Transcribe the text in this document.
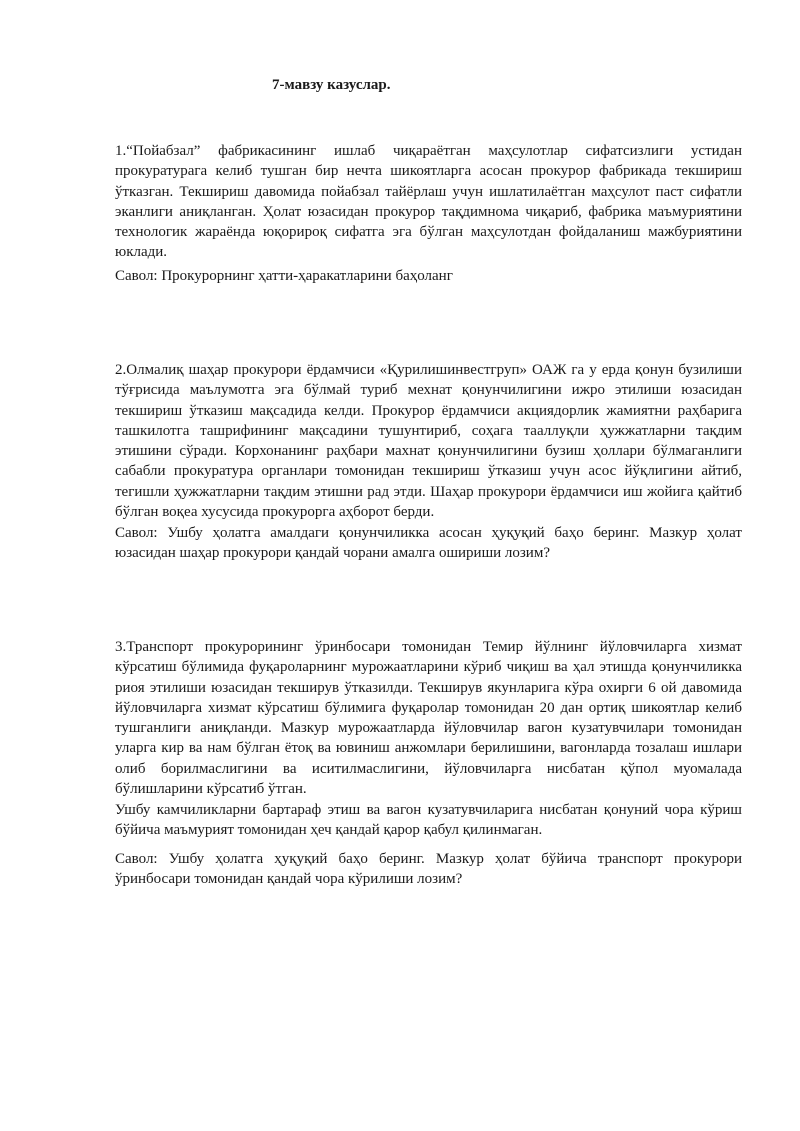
7-мавзу казуслар.

1.“Пойабзал” фабрикасининг ишлаб чиқараётган маҳсулотлар сифатсизлиги устидан прокуратурага келиб тушган бир нечта шикоятларга асосан прокурор фабрикада текшириш ўтказган. Текшириш давомида пойабзал тайёрлаш учун ишлатилаётган маҳсулот паст сифатли эканлиги аниқланган. Ҳолат юзасидан прокурор тақдимнома чиқариб, фабрика маъмуриятини технологик жараёнда юқорироқ сифатга эга бўлган маҳсулотдан фойдаланиш мажбуриятини юклади.

Савол: Прокурорнинг ҳатти-ҳаракатларини баҳоланг

2.Олмалиқ шаҳар прокурори ёрдамчиси «Қурилишинвестгруп» ОАЖ га у ерда қонун бузилиши тўғрисида маълумотга эга бўлмай туриб мехнат қонунчилигини ижро этилиши юзасидан текшириш ўтказиш мақсадида келди. Прокурор ёрдамчиси акциядорлик жамиятни раҳбарига ташкилотга ташрифининг мақсадини тушунтириб, соҳага тааллуқли ҳужжатларни тақдим этишини сўради. Корхонанинг раҳбари махнат қонунчилигини бузиш ҳоллари бўлмаганлиги сабабли прокуратура органлари томонидан текшириш ўтказиш учун асос йўқлигини айтиб, тегишли ҳужжатларни тақдим этишни рад этди. Шаҳар прокурори ёрдамчиси иш жойига қайтиб бўлган воқеа хусусида прокурорга аҳборот берди.

Савол: Ушбу ҳолатга амалдаги қонунчиликка асосан ҳуқуқий баҳо беринг. Мазкур ҳолат юзасидан шаҳар прокурори қандай чорани амалга ошириши лозим?

3.Транспорт прокурорининг ўринбосари томонидан Темир йўлнинг йўловчиларга хизмат кўрсатиш бўлимида фуқароларнинг мурожаатларини кўриб чиқиш ва ҳал этишда қонунчиликка риоя этилиши юзасидан текширув ўтказилди. Текширув якунларига кўра охирги 6 ой давомида йўловчиларга хизмат кўрсатиш бўлимига фуқаролар томонидан 20 дан ортиқ шикоятлар келиб тушганлиги аниқланди. Мазкур мурожаатларда йўловчилар вагон кузатувчилари томонидан уларга кир ва нам бўлган ётоқ ва ювиниш анжомлари берилишини, вагонларда тозалаш ишлари олиб борилмаслигини ва иситилмаслигини, йўловчиларга нисбатан қўпол муомалада бўлишларини кўрсатиб ўтган.

Ушбу камчиликларни бартараф этиш ва вагон кузатувчиларига нисбатан қонуний чора кўриш бўйича маъмурият томонидан ҳеч қандай қарор қабул қилинмаган.

Савол: Ушбу ҳолатга ҳуқуқий баҳо беринг. Мазкур ҳолат бўйича транспорт прокурори ўринбосари томонидан қандай чора кўрилиши лозим?
